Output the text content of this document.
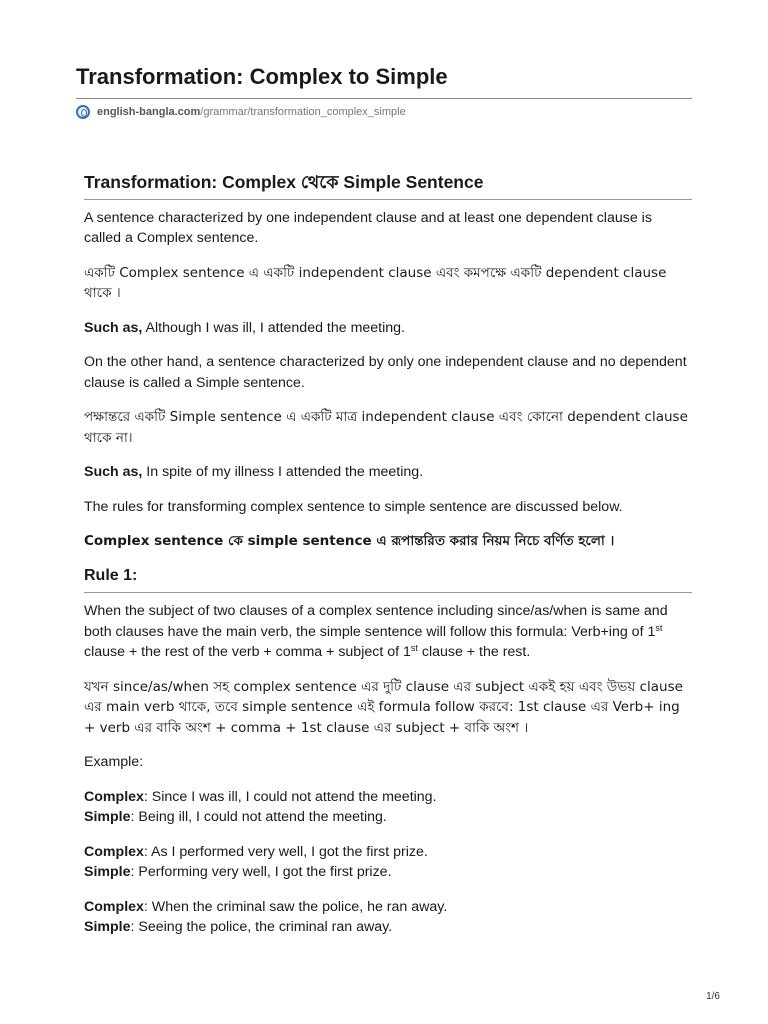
Transformation: Complex to Simple
english-bangla.com /grammar/transformation_complex_simple
Transformation: Complex থেকে Simple Sentence

A sentence characterized by one independent clause and at least one dependent clause is called a Complex sentence.

একটি Complex sentence এ একটি independent clause এবং কমপক্ষে একটি dependent clause থাকে ।

Such as, Although I was ill, I attended the meeting.

On the other hand, a sentence characterized by only one independent clause and no dependent clause is called a Simple sentence.

পক্ষান্তরে একটি Simple sentence এ একটি মাত্র independent clause এবং কোনো dependent clause থাকে না।

Such as, In spite of my illness I attended the meeting.

The rules for transforming complex sentence to simple sentence are discussed below.

Complex sentence কে simple sentence এ রূপান্তরিত করার নিয়ম নিচে বর্ণিত হলো ।

Rule 1:

When the subject of two clauses of a complex sentence including since/as/when is same and both clauses have the main verb, the simple sentence will follow this formula: Verb+ing of 1st clause + the rest of the verb + comma + subject of 1st clause + the rest.

যখন since/as/when সহ complex sentence এর দুটি clause এর subject একই হয় এবং উভয় clause এর main verb থাকে, তবে simple sentence এই formula follow করবে: 1st clause এর Verb+ ing + verb এর বাকি অংশ + comma + 1st clause এর subject + বাকি অংশ ।

Example:

Complex: Since I was ill, I could not attend the meeting.

Simple: Being ill, I could not attend the meeting.

Complex: As I performed very well, I got the first prize.

Simple: Performing very well, I got the first prize.

Complex: When the criminal saw the police, he ran away.

Simple: Seeing the police, the criminal ran away.

1/6
